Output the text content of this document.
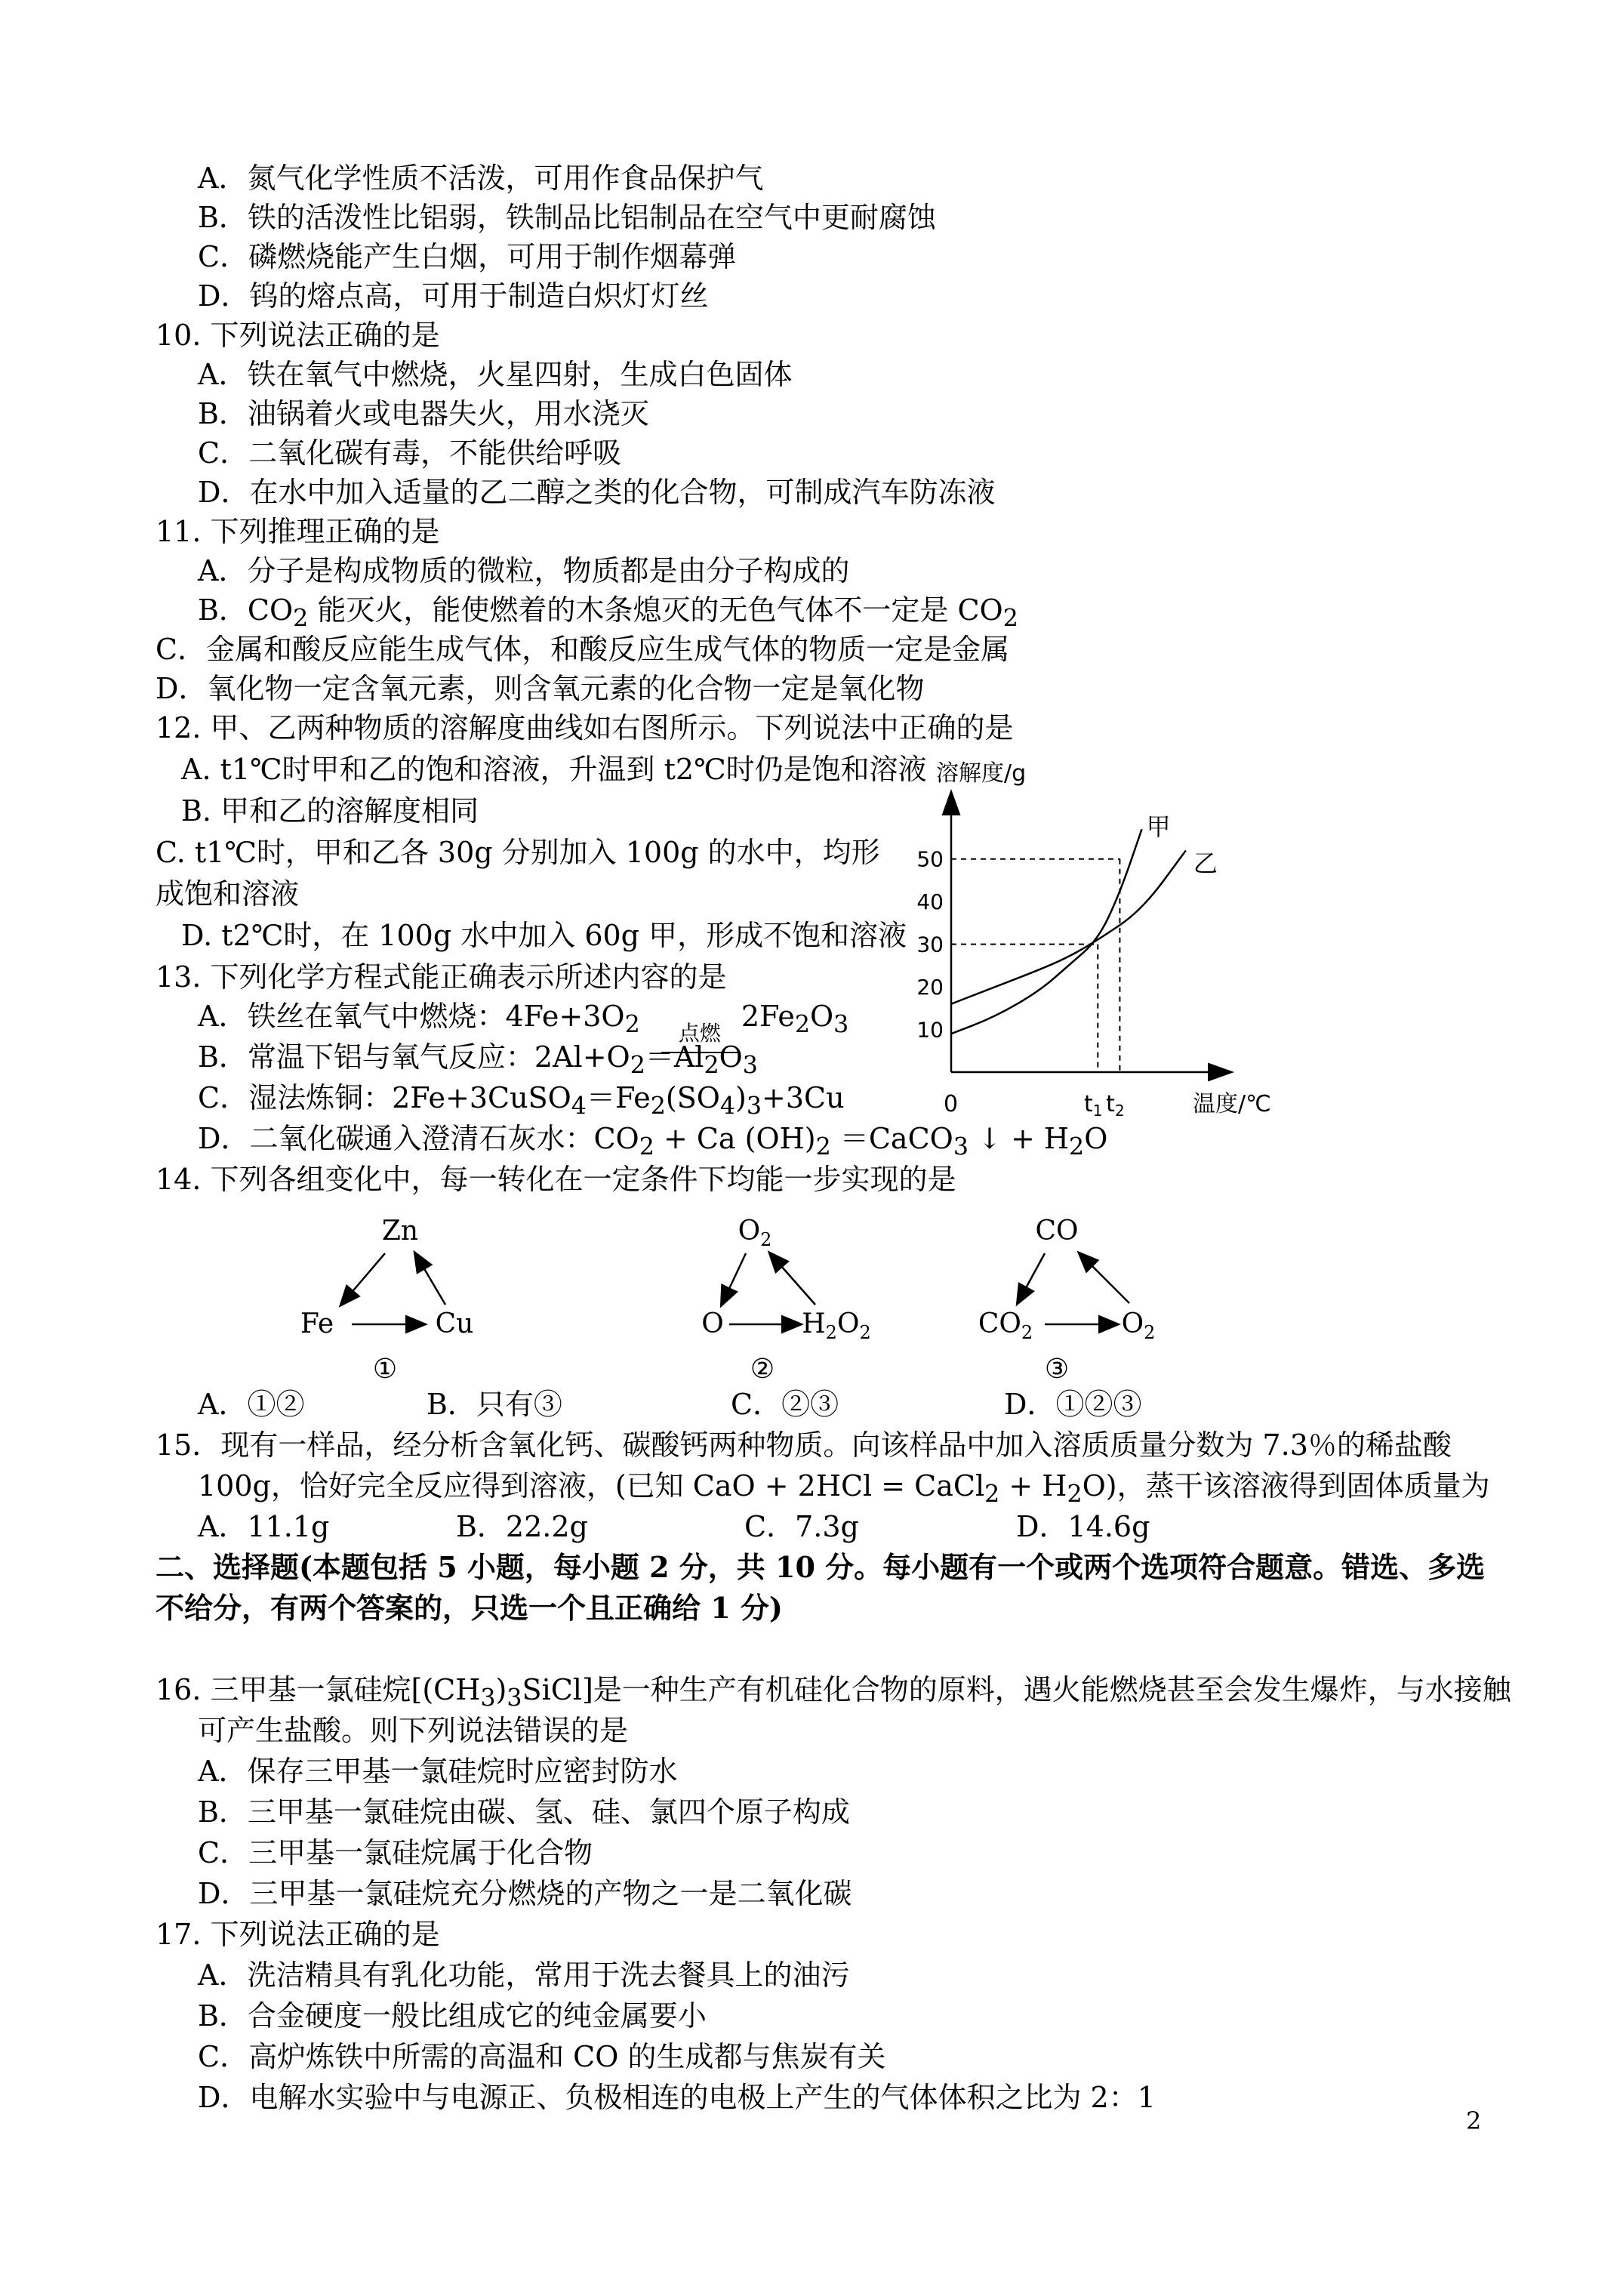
A．氮气化学性质不活泼，可用作食品保护气
B．铁的活泼性比铝弱，铁制品比铝制品在空气中更耐腐蚀
C．磷燃烧能产生白烟，可用于制作烟幕弹
D．钨的熔点高，可用于制造白炽灯灯丝
10. 下列说法正确的是
A．铁在氧气中燃烧，火星四射，生成白色固体
B．油锅着火或电器失火，用水浇灭
C．二氧化碳有毒，不能供给呼吸
D．在水中加入适量的乙二醇之类的化合物，可制成汽车防冻液
11. 下列推理正确的是
A．分子是构成物质的微粒，物质都是由分子构成的
B．$CO_2$ 能灭火，能使燃着的木条熄灭的无色气体不一定是 $CO_2$
C．金属和酸反应能生成气体，和酸反应生成气体的物质一定是金属
D．氧化物一定含氧元素，则含氧元素的化合物一定是氧化物
12. 甲、乙两种物质的溶解度曲线如右图所示。下列说法中正确的是
A. t1℃时甲和乙的饱和溶液，升温到 t2℃时仍是饱和溶液
B. 甲和乙的溶解度相同
C. t1℃时，甲和乙各 30g 分别加入 100g 的水中，均形
成饱和溶液
D. t2℃时，在 100g 水中加入 60g 甲，形成不饱和溶液
溶解度/g
温度/℃
0
10
20
30
40
50
$t_1$ $t_2$
甲
乙
13. 下列化学方程式能正确表示所述内容的是
A．铁丝在氧气中燃烧：$4Fe+3O_2$	点燃
$2Fe_2O_3$
B．常温下铝与氧气反应：$2Al+O_2=Al_2O_3$
C．湿法炼铜：$2Fe+3CuSO_4=Fe_2(SO_4)_3+3Cu$
D．二氧化碳通入澄清石灰水：$CO_2 + Ca$ $(OH)_2$ ＝CaCO$_3$ ↓ + $H_2O$
14. 下列各组变化中，每一转化在一定条件下均能一步实现的是
Zn
Fe	Cu
①
$O_2$
O	$H_2O_2$
②
CO
$CO_2$	$O_2$
③
A．①②	B．只有③	C．②③	D．①②③
15．现有一样品，经分析含氧化钙、碳酸钙两种物质。向该样品中加入溶质质量分数为 7.3％的稀盐酸
100g，恰好完全反应得到溶液，(已知 CaO + 2HCl = CaCl$_2$ + $H_2O$)，蒸干该溶液得到固体质量为
A．11.1g	B．22.2g	C．7.3g	D．14.6g
二、选择题(本题包括 5 小题，每小题 2 分，共 10 分。每小题有一个或两个选项符合题意。错选、多选
不给分，有两个答案的，只选一个且正确给 1 分)
16. 三甲基一氯硅烷$[(CH_3)_3SiCl]$是一种生产有机硅化合物的原料，遇火能燃烧甚至会发生爆炸，与水接触
可产生盐酸。则下列说法错误的是
A．保存三甲基一氯硅烷时应密封防水
B．三甲基一氯硅烷由碳、氢、硅、氯四个原子构成
C．三甲基一氯硅烷属于化合物
D．三甲基一氯硅烷充分燃烧的产物之一是二氧化碳
17. 下列说法正确的是
A．洗洁精具有乳化功能，常用于洗去餐具上的油污
B．合金硬度一般比组成它的纯金属要小
C．高炉炼铁中所需的高温和 CO 的生成都与焦炭有关
D．电解水实验中与电源正、负极相连的电极上产生的气体体积之比为 2：1
2
